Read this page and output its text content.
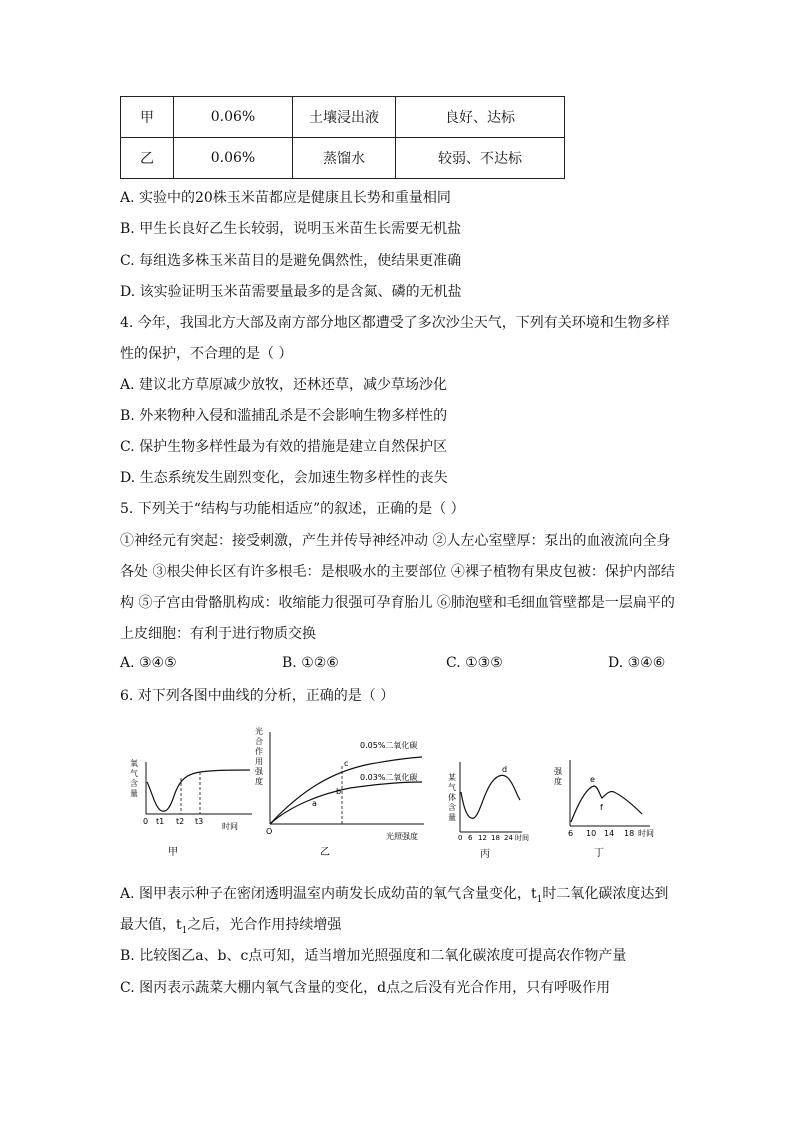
甲	0.06%	土壤浸出液	良好、达标
乙	0.06%	蒸馏水	较弱、不达标
A. 实验中的20株玉米苗都应是健康且长势和重量相同
B. 甲生长良好乙生长较弱，说明玉米苗生长需要无机盐
C. 每组选多株玉米苗目的是避免偶然性，使结果更准确
D. 该实验证明玉米苗需要量最多的是含氮、磷的无机盐
4. 今年，我国北方大部及南方部分地区都遭受了多次沙尘天气，下列有关环境和生物多样
性的保护，不合理的是（ ）
A. 建议北方草原减少放牧，还林还草，减少草场沙化
B. 外来物种入侵和滥捕乱杀是不会影响生物多样性的
C. 保护生物多样性最为有效的措施是建立自然保护区
D. 生态系统发生剧烈变化，会加速生物多样性的丧失
5. 下列关于“结构与功能相适应”的叙述，正确的是（ ）
①神经元有突起：接受刺激，产生并传导神经冲动 ②人左心室壁厚：泵出的血液流向全身
各处 ③根尖伸长区有许多根毛：是根吸水的主要部位 ④裸子植物有果皮包被：保护内部结
构 ⑤子宫由骨骼肌构成：收缩能力很强可孕育胎儿 ⑥肺泡壁和毛细血管壁都是一层扁平的
上皮细胞：有利于进行物质交换
A. ③④⑤	B. ①②⑥	C. ①③⑤	D. ③④⑥
6. 对下列各图中曲线的分析，正确的是（ ）
氧气含量
0 t1 t2 t3
时间
甲
光合作用强度
0.05%二氧化碳
0.03%二氧化碳
a
b
c
O
光照强度
乙
某气体含量
d
0 6 12 18 24 时间
丙
强度	e
f
6 10 14 18 时间
丁
A. 图甲表示种子在密闭透明温室内萌发长成幼苗的氧气含量变化，$t_1$时二氧化碳浓度达到
最大值，$t_1$之后，光合作用持续增强
B. 比较图乙a、b、c点可知，适当增加光照强度和二氧化碳浓度可提高农作物产量
C. 图丙表示蔬菜大棚内氧气含量的变化，d点之后没有光合作用，只有呼吸作用
